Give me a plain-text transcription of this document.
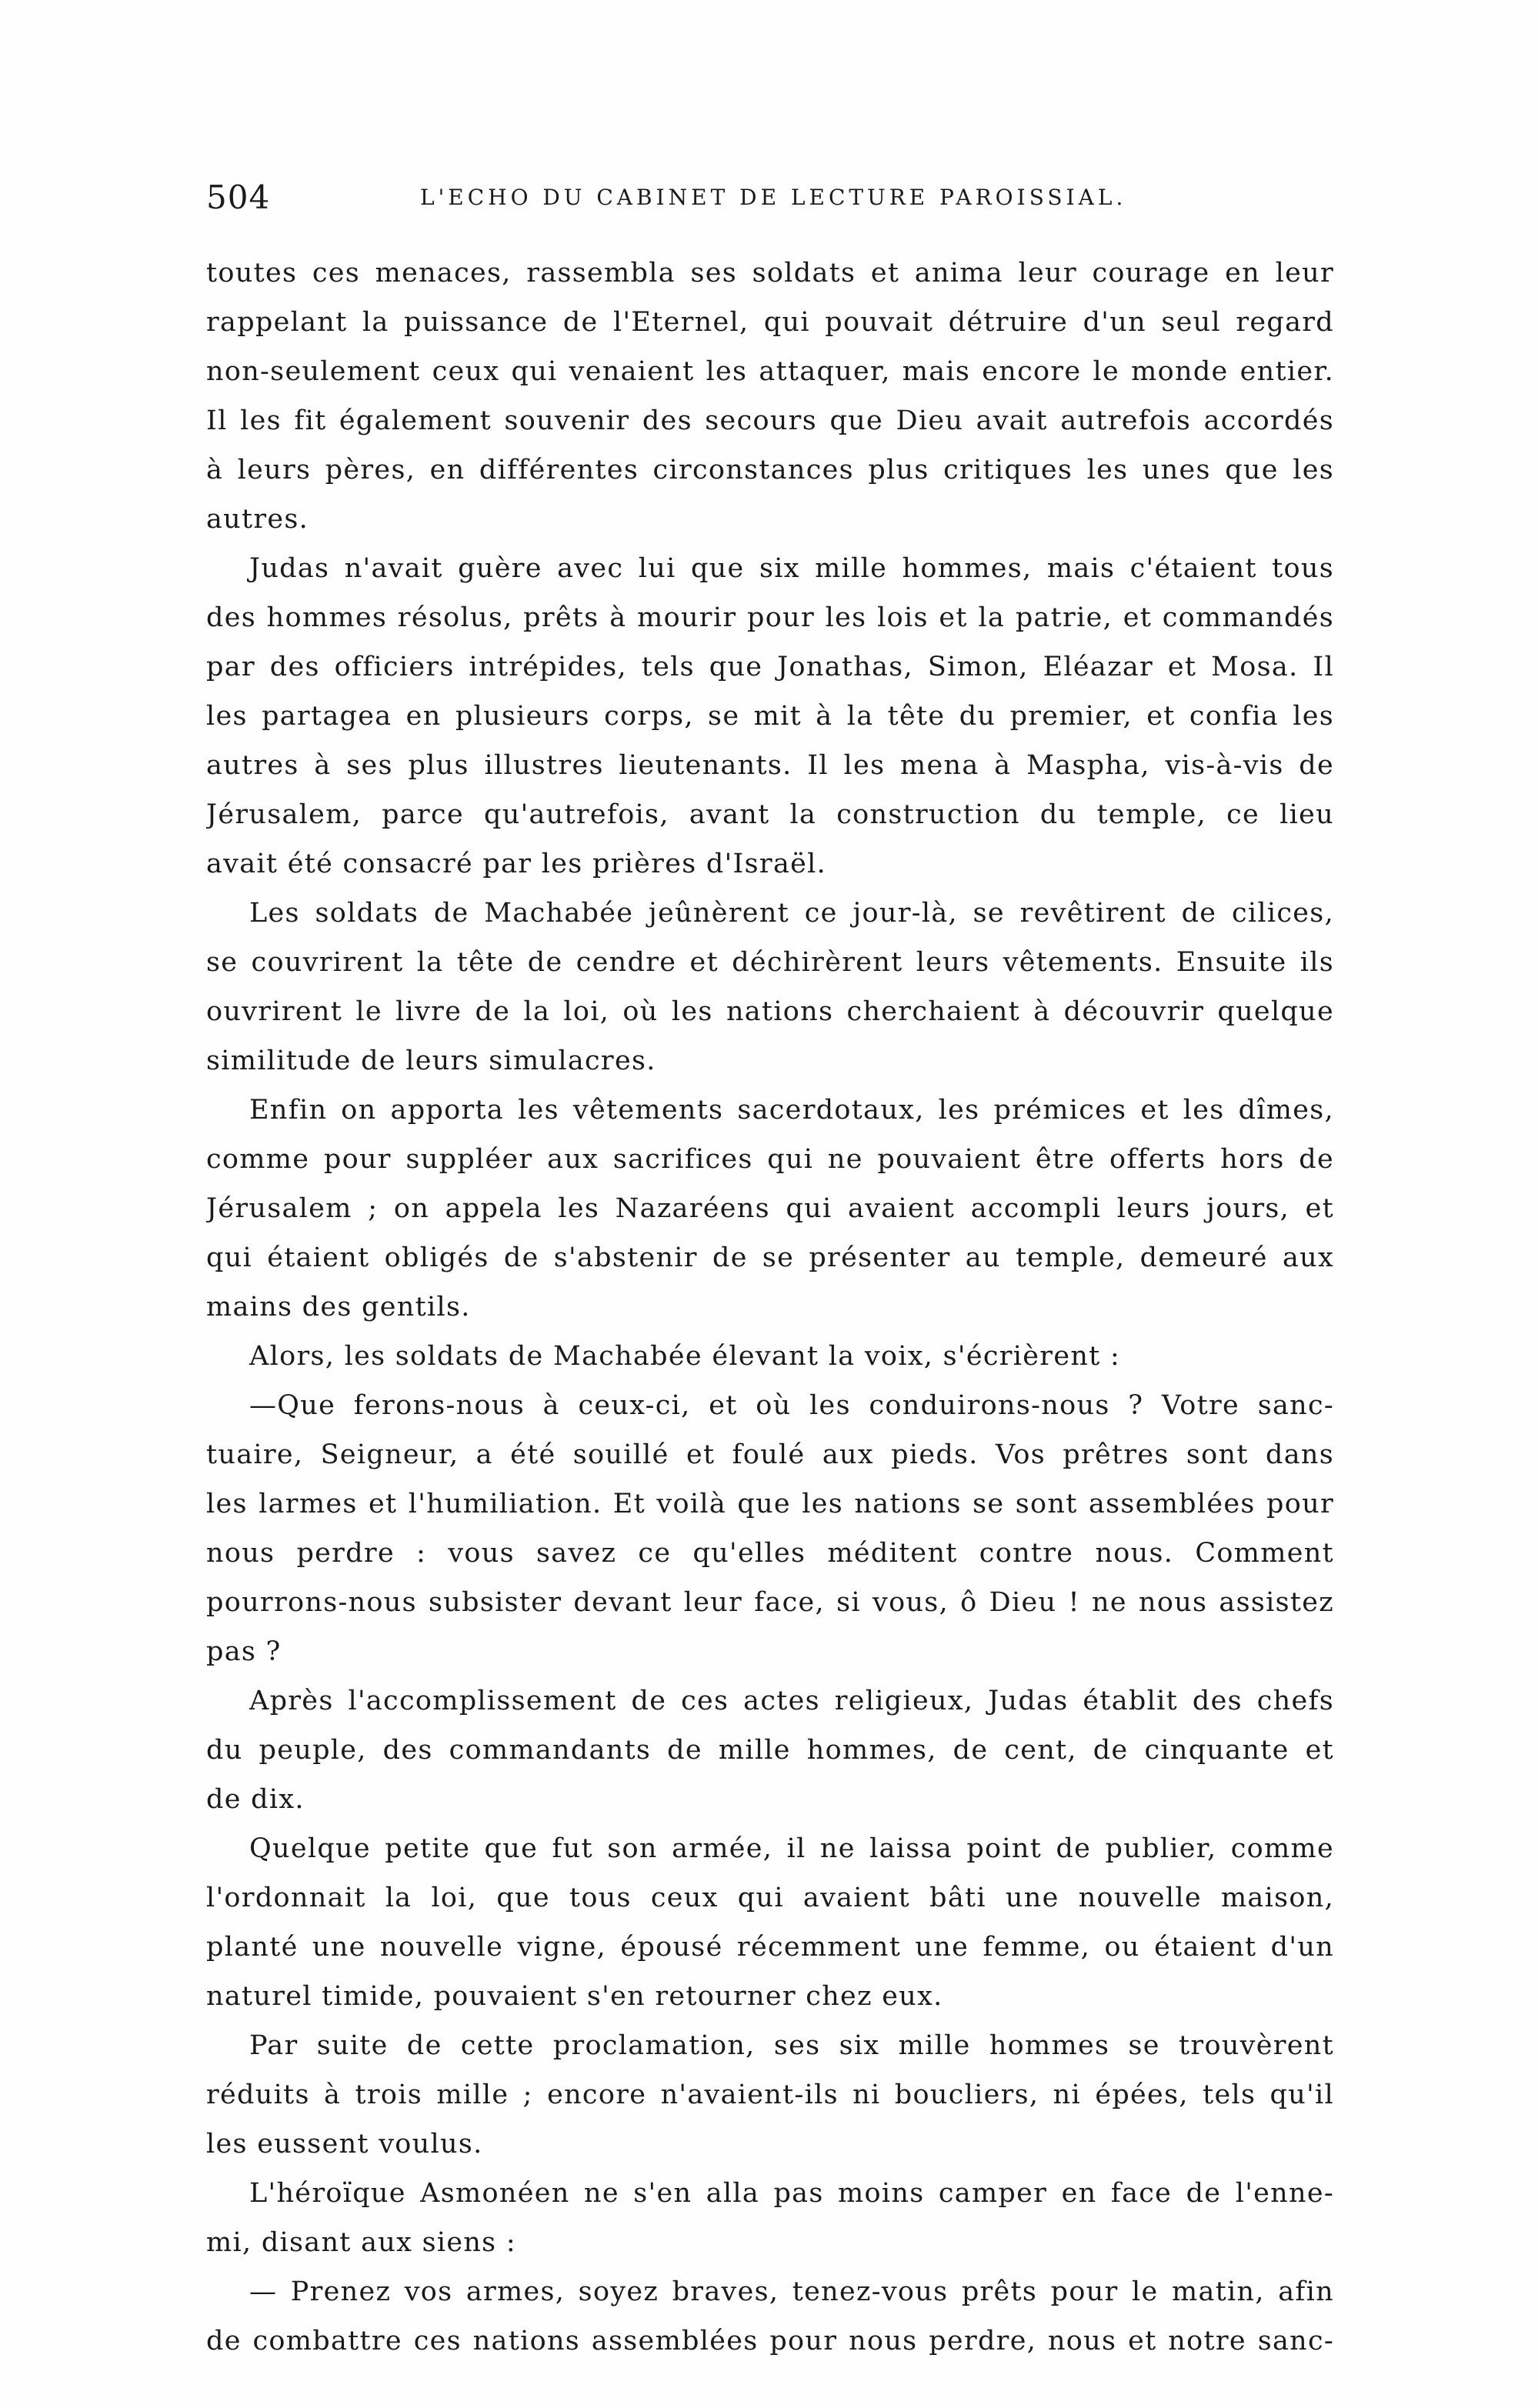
504	L'ECHO DU CABINET DE LECTURE PAROISSIAL.
toutes ces menaces, rassembla ses soldats et anima leur courage en leur
rappelant la puissance de l'Eternel, qui pouvait détruire d'un seul regard
non-seulement ceux qui venaient les attaquer, mais encore le monde entier.
Il les fit également souvenir des secours que Dieu avait autrefois accordés
à leurs pères, en différentes circonstances plus critiques les unes que les
autres.
Judas n'avait guère avec lui que six mille hommes, mais c'étaient tous
des hommes résolus, prêts à mourir pour les lois et la patrie, et commandés
par des officiers intrépides, tels que Jonathas, Simon, Eléazar et Mosa. Il
les partagea en plusieurs corps, se mit à la tête du premier, et confia les
autres à ses plus illustres lieutenants. Il les mena à Maspha, vis-à-vis de
Jérusalem, parce qu'autrefois, avant la construction du temple, ce lieu
avait été consacré par les prières d'Israël.
Les soldats de Machabée jeûnèrent ce jour-là, se revêtirent de cilices,
se couvrirent la tête de cendre et déchirèrent leurs vêtements. Ensuite ils
ouvrirent le livre de la loi, où les nations cherchaient à découvrir quelque
similitude de leurs simulacres.
Enfin on apporta les vêtements sacerdotaux, les prémices et les dîmes,
comme pour suppléer aux sacrifices qui ne pouvaient être offerts hors de
Jérusalem ; on appela les Nazaréens qui avaient accompli leurs jours, et
qui étaient obligés de s'abstenir de se présenter au temple, demeuré aux
mains des gentils.
Alors, les soldats de Machabée élevant la voix, s'écrièrent :
—Que ferons-nous à ceux-ci, et où les conduirons-nous ? Votre sanc-
tuaire, Seigneur, a été souillé et foulé aux pieds. Vos prêtres sont dans
les larmes et l'humiliation. Et voilà que les nations se sont assemblées pour
nous perdre : vous savez ce qu'elles méditent contre nous. Comment
pourrons-nous subsister devant leur face, si vous, ô Dieu ! ne nous assistez
pas ?
Après l'accomplissement de ces actes religieux, Judas établit des chefs
du peuple, des commandants de mille hommes, de cent, de cinquante et
de dix.
Quelque petite que fut son armée, il ne laissa point de publier, comme
l'ordonnait la loi, que tous ceux qui avaient bâti une nouvelle maison,
planté une nouvelle vigne, épousé récemment une femme, ou étaient d'un
naturel timide, pouvaient s'en retourner chez eux.
Par suite de cette proclamation, ses six mille hommes se trouvèrent
réduits à trois mille ; encore n'avaient-ils ni boucliers, ni épées, tels qu'il
les eussent voulus.
L'héroïque Asmonéen ne s'en alla pas moins camper en face de l'enne-
mi, disant aux siens :
— Prenez vos armes, soyez braves, tenez-vous prêts pour le matin, afin
de combattre ces nations assemblées pour nous perdre, nous et notre sanc-
